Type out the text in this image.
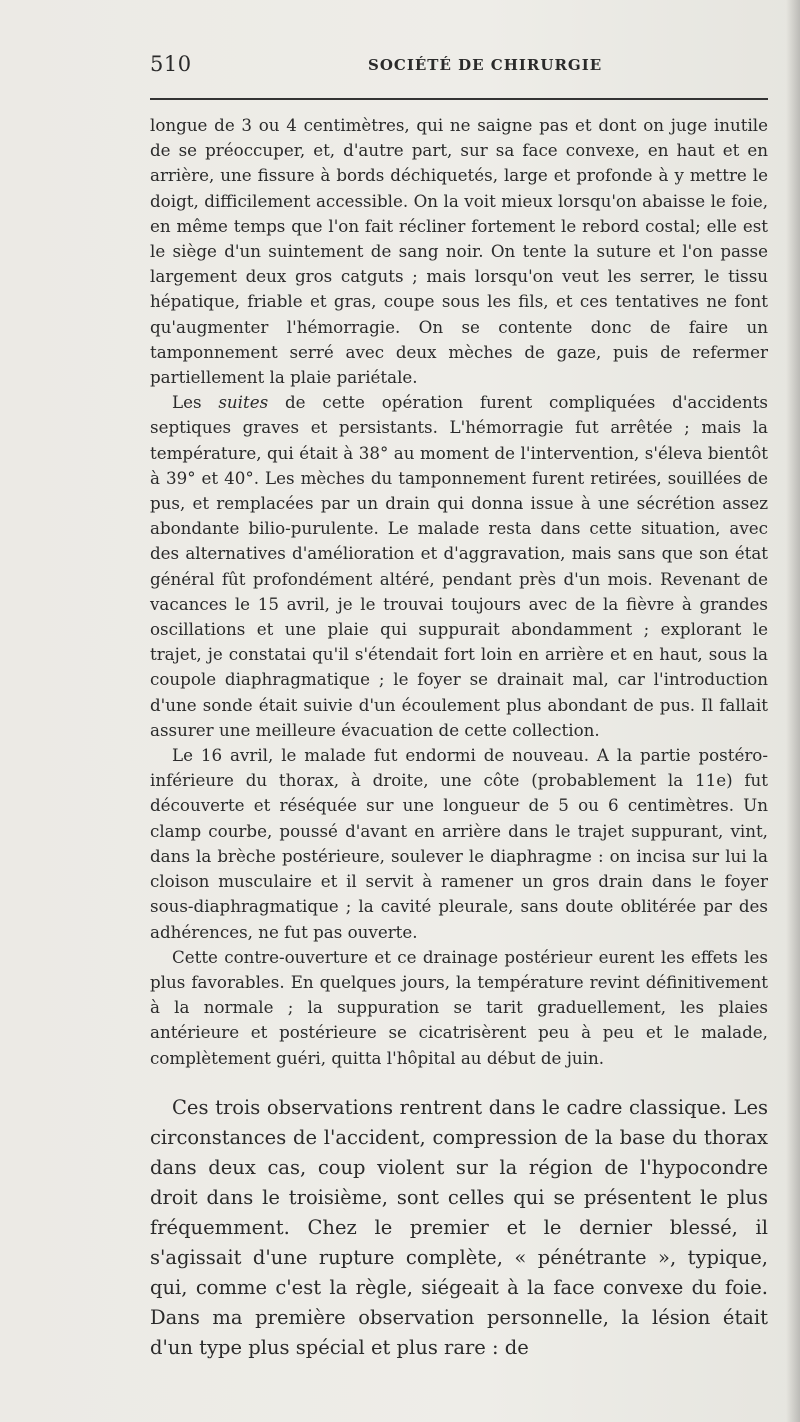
510	SOCIÉTÉ DE CHIRURGIE

longue de 3 ou 4 centimètres, qui ne saigne pas et dont on juge inutile de se préoccuper, et, d'autre part, sur sa face convexe, en haut et en arrière, une fissure à bords déchiquetés, large et profonde à y mettre le doigt, difficilement accessible. On la voit mieux lorsqu'on abaisse le foie, en même temps que l'on fait récliner fortement le rebord costal; elle est le siège d'un suintement de sang noir. On tente la suture et l'on passe largement deux gros catguts ; mais lorsqu'on veut les serrer, le tissu hépatique, friable et gras, coupe sous les fils, et ces tentatives ne font qu'augmenter l'hémorragie. On se contente donc de faire un tamponnement serré avec deux mèches de gaze, puis de refermer partiellement la plaie pariétale.

Les suites de cette opération furent compliquées d'accidents septiques graves et persistants. L'hémorragie fut arrêtée ; mais la température, qui était à 38° au moment de l'intervention, s'éleva bientôt à 39° et 40°. Les mèches du tamponnement furent retirées, souillées de pus, et remplacées par un drain qui donna issue à une sécrétion assez abondante bilio-purulente. Le malade resta dans cette situation, avec des alternatives d'amélioration et d'aggravation, mais sans que son état général fût profondément altéré, pendant près d'un mois. Revenant de vacances le 15 avril, je le trouvai toujours avec de la fièvre à grandes oscillations et une plaie qui suppurait abondamment ; explorant le trajet, je constatai qu'il s'étendait fort loin en arrière et en haut, sous la coupole diaphragmatique ; le foyer se drainait mal, car l'introduction d'une sonde était suivie d'un écoulement plus abondant de pus. Il fallait assurer une meilleure évacuation de cette collection.

Le 16 avril, le malade fut endormi de nouveau. A la partie postéro-inférieure du thorax, à droite, une côte (probablement la 11e) fut découverte et réséquée sur une longueur de 5 ou 6 centimètres. Un clamp courbe, poussé d'avant en arrière dans le trajet suppurant, vint, dans la brèche postérieure, soulever le diaphragme : on incisa sur lui la cloison musculaire et il servit à ramener un gros drain dans le foyer sous-diaphragmatique ; la cavité pleurale, sans doute oblitérée par des adhérences, ne fut pas ouverte.

Cette contre-ouverture et ce drainage postérieur eurent les effets les plus favorables. En quelques jours, la température revint définitivement à la normale ; la suppuration se tarit graduellement, les plaies antérieure et postérieure se cicatrisèrent peu à peu et le malade, complètement guéri, quitta l'hôpital au début de juin.

Ces trois observations rentrent dans le cadre classique. Les circonstances de l'accident, compression de la base du thorax dans deux cas, coup violent sur la région de l'hypocondre droit dans le troisième, sont celles qui se présentent le plus fréquemment. Chez le premier et le dernier blessé, il s'agissait d'une rupture complète, « pénétrante », typique, qui, comme c'est la règle, siégeait à la face convexe du foie. Dans ma première observation personnelle, la lésion était d'un type plus spécial et plus rare : de
